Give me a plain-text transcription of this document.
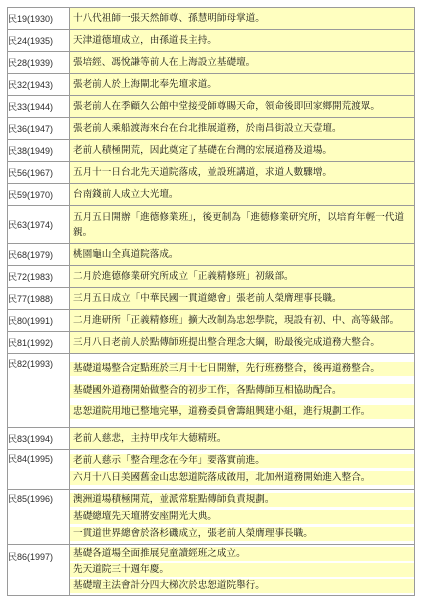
民19(1930)	十八代祖師一張天然師尊、孫慧明師母掌道。

民24(1935)	天津道德壇成立，由孫道長主持。

民28(1939)	張培經、馮悅謙等前人在上海設立基礎壇。

民32(1943)	張老前人於上海閘北奉先壇求道。

民33(1944)	張老前人在季顧久公館中堂接受師尊賜天命，領命後即回家鄉開荒渡眾。

民36(1947)	張老前人乘船渡海來台在台北推展道務，於南昌街設立天壹壇。

民38(1949)	老前人積極開荒，因此奠定了基礎在台灣的宏展道務及道場。

民56(1967)	五月十一日台北先天道院落成，並設班講道，求道人數驟增。

民59(1970)	台南錢前人成立大光壇。

民63(1974)	五月五日開辦「進德修業班」，後更制為「進德修業研究所，以培育年輕一代道親。

民68(1979)	桃園龜山全真道院落成。

民72(1983)	二月於進德修業研究所成立「正義精修班」初級部。

民77(1988)	三月五日成立「中華民國一貫道總會」張老前人榮膺理事長職。

民80(1991)	二月進研所「正義精修班」擴大改制為忠恕學院，現設有初、中、高等級部。

民81(1992)	三月八日老前人於點傳師班提出整合理念大綱，盼最後完成道務大整合。

民82(1993)	基礎道場整合定點班於三月十七日開辦，先行班務整合，後再道務整合。
基礎國外道務開始做整合的初步工作，各點傳師互相協助配合。
忠恕道院用地已整地完畢，道務委員會籌組興建小組，進行規劃工作。

民83(1994)	老前人慈悲，主持甲戌年大德精班。

民84(1995)	老前人慈示「整合理念在今年」要落實前進。
六月十八日美國舊金山忠恕道院落成啟用，北加州道務開始進入整合。

民85(1996)	澳洲道場積極開荒，並派常駐點傳師負責規劃。
基礎總壇先天壇將安座開光大典。
一貫道世界總會於洛杉磯成立，張老前人榮膺理事長職。

民86(1997)	基礎各道場全面推展兒童讀經班之成立。
先天道院三十週年慶。
基礎壇主法會計分四大梯次於忠恕道院舉行。
